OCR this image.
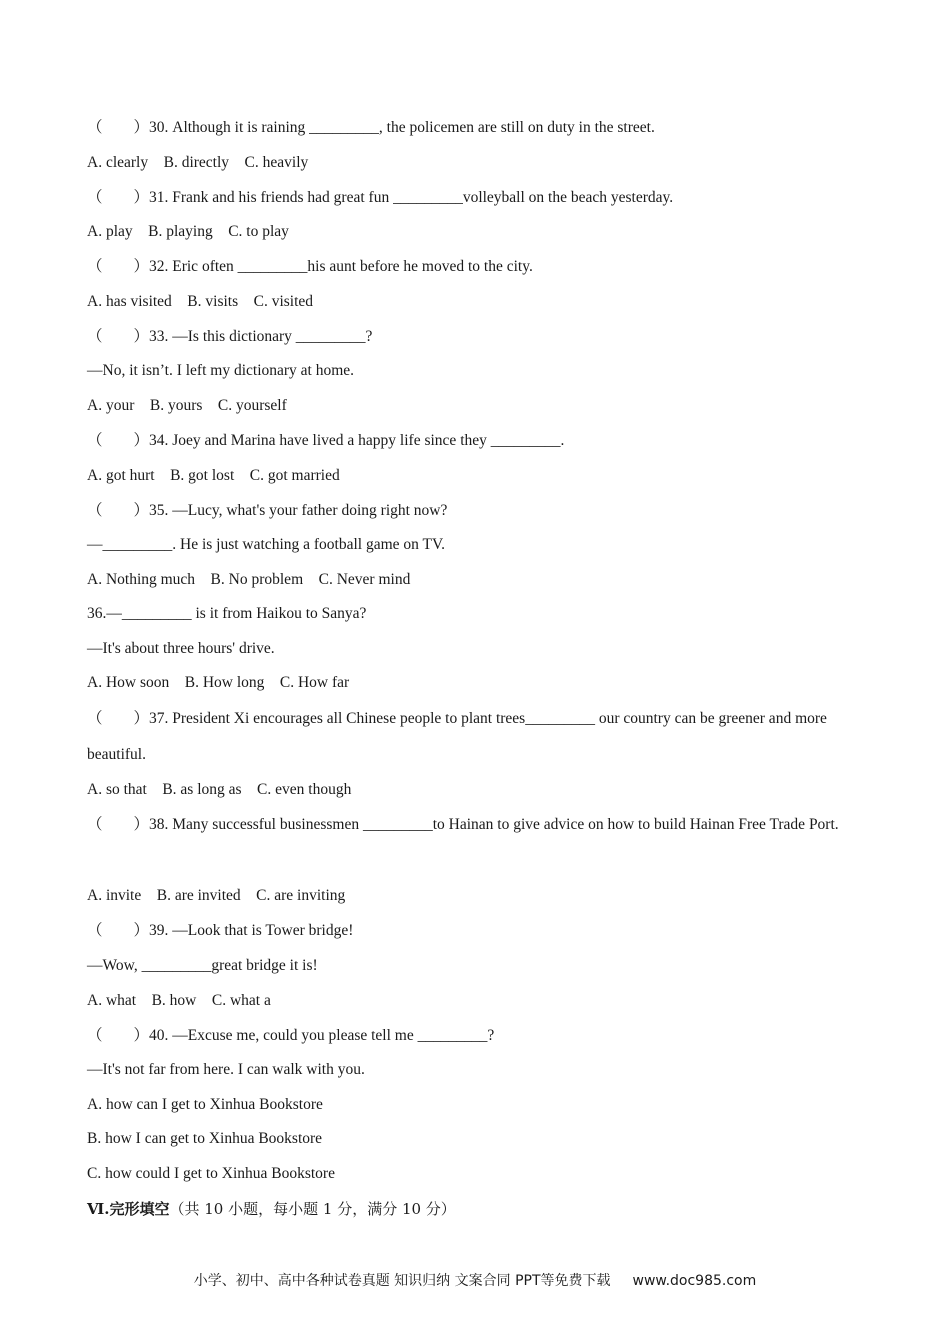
（　　）30. Although it is raining _________, the policemen are still on duty in the street.
A. clearly　B. directly　C. heavily
（　　）31. Frank and his friends had great fun _________volleyball on the beach yesterday.
A. play　B. playing　C. to play
（　　）32. Eric often _________his aunt before he moved to the city.
A. has visited　B. visits　C. visited
（　　）33. —Is this dictionary _________?
—No, it isn’t. I left my dictionary at home.
A. your　B. yours　C. yourself
（　　）34. Joey and Marina have lived a happy life since they _________.
A. got hurt　B. got lost　C. got married
（　　）35. —Lucy, what's your father doing right now?
—_________. He is just watching a football game on TV.
A. Nothing much　B. No problem　C. Never mind
36.—_________ is it from Haikou to Sanya?
—It's about three hours' drive.
A. How soon　B. How long　C. How far
（　　）37. President Xi encourages all Chinese people to plant trees_________ our country can be greener and more beautiful.
A. so that　B. as long as　C. even though
（　　）38. Many successful businessmen _________to Hainan to give advice on how to build Hainan Free Trade Port.
A. invite　B. are invited　C. are inviting
（　　）39. —Look that is Tower bridge!
—Wow, _________great bridge it is!
A. what　B. how　C. what a
（　　）40. —Excuse me, could you please tell me _________?
—It's not far from here. I can walk with you.
A. how can I get to Xinhua Bookstore
B. how I can get to Xinhua Bookstore
C. how could I get to Xinhua Bookstore
Ⅵ.完形填空（共 10 小题，每小题 1 分，满分 10 分）
小学、初中、高中各种试卷真题 知识归纳 文案合同 PPT等免费下载 www.doc985.com
